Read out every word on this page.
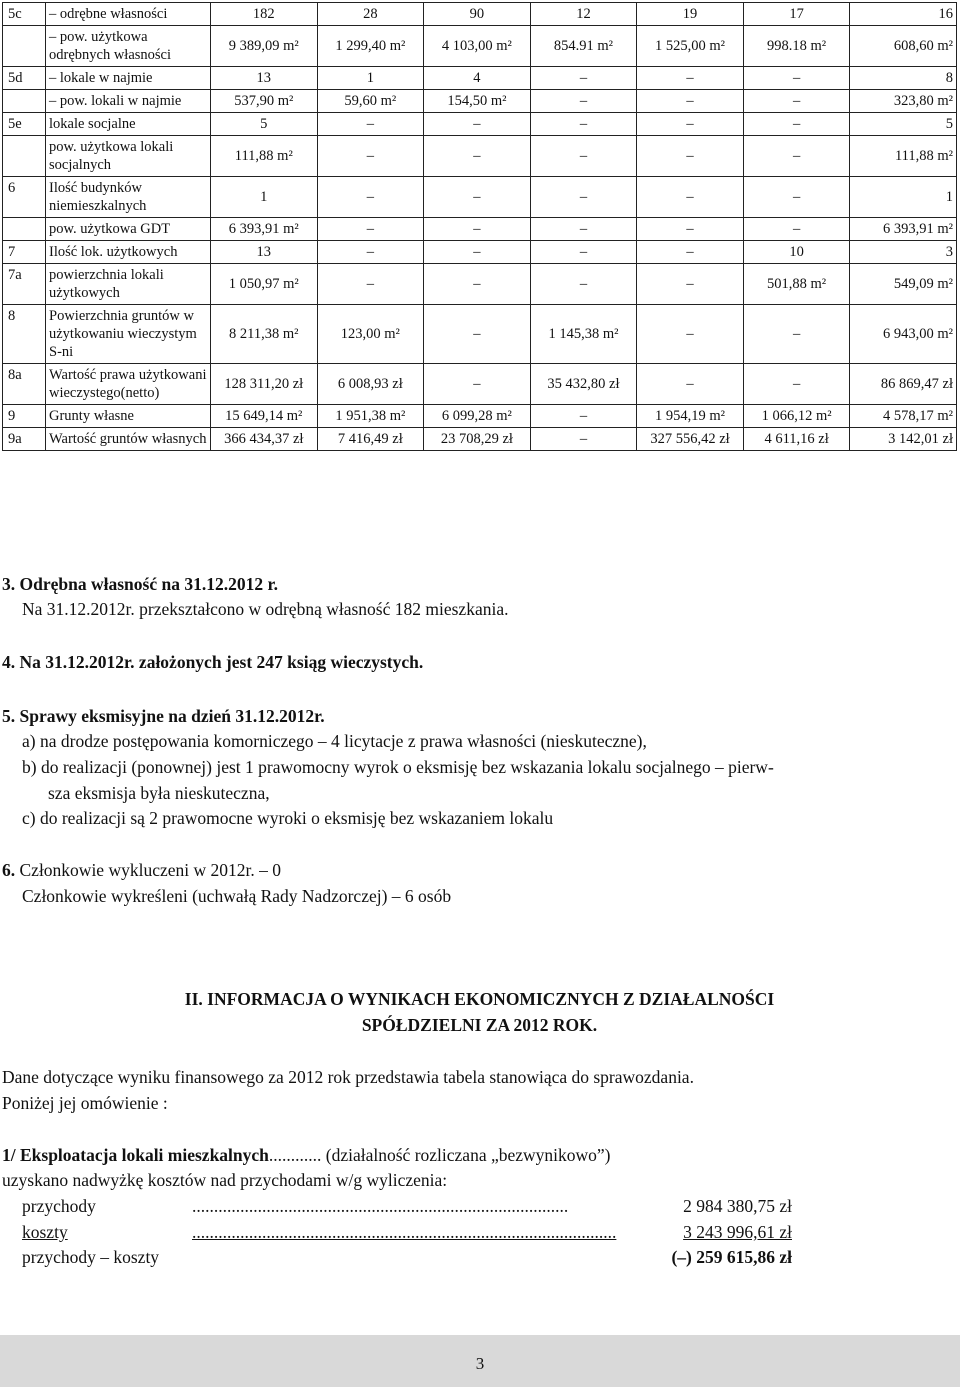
5c	– odrębne własności	182	28	90	12	19	17	16
	– pow. użytkowa odrębnych własności	9 389,09 m²	1 299,40 m²	4 103,00 m²	854.91 m²	1 525,00 m²	998.18 m²	608,60 m²
5d	– lokale w najmie	13	1	4	–	–	–	8
	– pow. lokali w najmie	537,90 m²	59,60 m²	154,50 m²	–	–	–	323,80 m²
5e	lokale socjalne	5	–	–	–	–	–	5
	pow. użytkowa lokali socjalnych	111,88 m²	–	–	–	–	–	111,88 m²
6	Ilość budynków niemieszkalnych	1	–	–	–	–	–	1
	pow. użytkowa GDT	6 393,91 m²	–	–	–	–	–	6 393,91 m²
7	Ilość lok. użytkowych	13	–	–	–	–	10	3
7a	powierzchnia lokali użytkowych	1 050,97 m²	–	–	–	–	501,88 m²	549,09 m²
8	Powierzchnia gruntów w użytkowaniu wieczystym S-ni	8 211,38 m²	123,00 m²	–	1 145,38 m²	–	–	6 943,00 m²
8a	Wartość prawa użytkowani wieczystego(netto)	128 311,20 zł	6 008,93 zł	–	35 432,80 zł	–	–	86 869,47 zł
9	Grunty własne	15 649,14 m²	1 951,38 m²	6 099,28 m²	–	1 954,19 m²	1 066,12 m²	4 578,17 m²
9a	Wartość gruntów własnych	366 434,37 zł	7 416,49 zł	23 708,29 zł	–	327 556,42 zł	4 611,16 zł	3 142,01 zł
3. Odrębna własność na 31.12.2012 r.
Na 31.12.2012r. przekształcono w odrębną własność 182 mieszkania.
4. Na 31.12.2012r. założonych jest 247 ksiąg wieczystych.
5. Sprawy eksmisyjne na dzień 31.12.2012r.
a) na drodze postępowania komorniczego – 4 licytacje z prawa własności (nieskuteczne),
b) do realizacji (ponownej) jest 1 prawomocny wyrok o eksmisję bez wskazania lokalu socjalnego – pierw-
sza eksmisja była nieskuteczna,
c) do realizacji są 2 prawomocne wyroki o eksmisję bez wskazaniem lokalu
6. Członkowie wykluczeni w 2012r. – 0
Członkowie wykreśleni (uchwałą Rady Nadzorczej) – 6 osób
II. INFORMACJA O WYNIKACH EKONOMICZNYCH Z DZIAŁALNOŚCI
SPÓŁDZIELNI ZA 2012 ROK.
Dane dotyczące wyniku finansowego za 2012 rok przedstawia tabela stanowiąca do sprawozdania.
Poniżej jej omówienie :
1/ Eksploatacja lokali mieszkalnych............ (działalność rozliczana „bezwynikowo”)
uzyskano nadwyżkę kosztów nad przychodami w/g wyliczenia:
przychody	......................................................................................	2 984 380,75 zł
koszty	.................................................................................................	3 243 996,61 zł
przychody – koszty	(–) 259 615,86 zł
3
